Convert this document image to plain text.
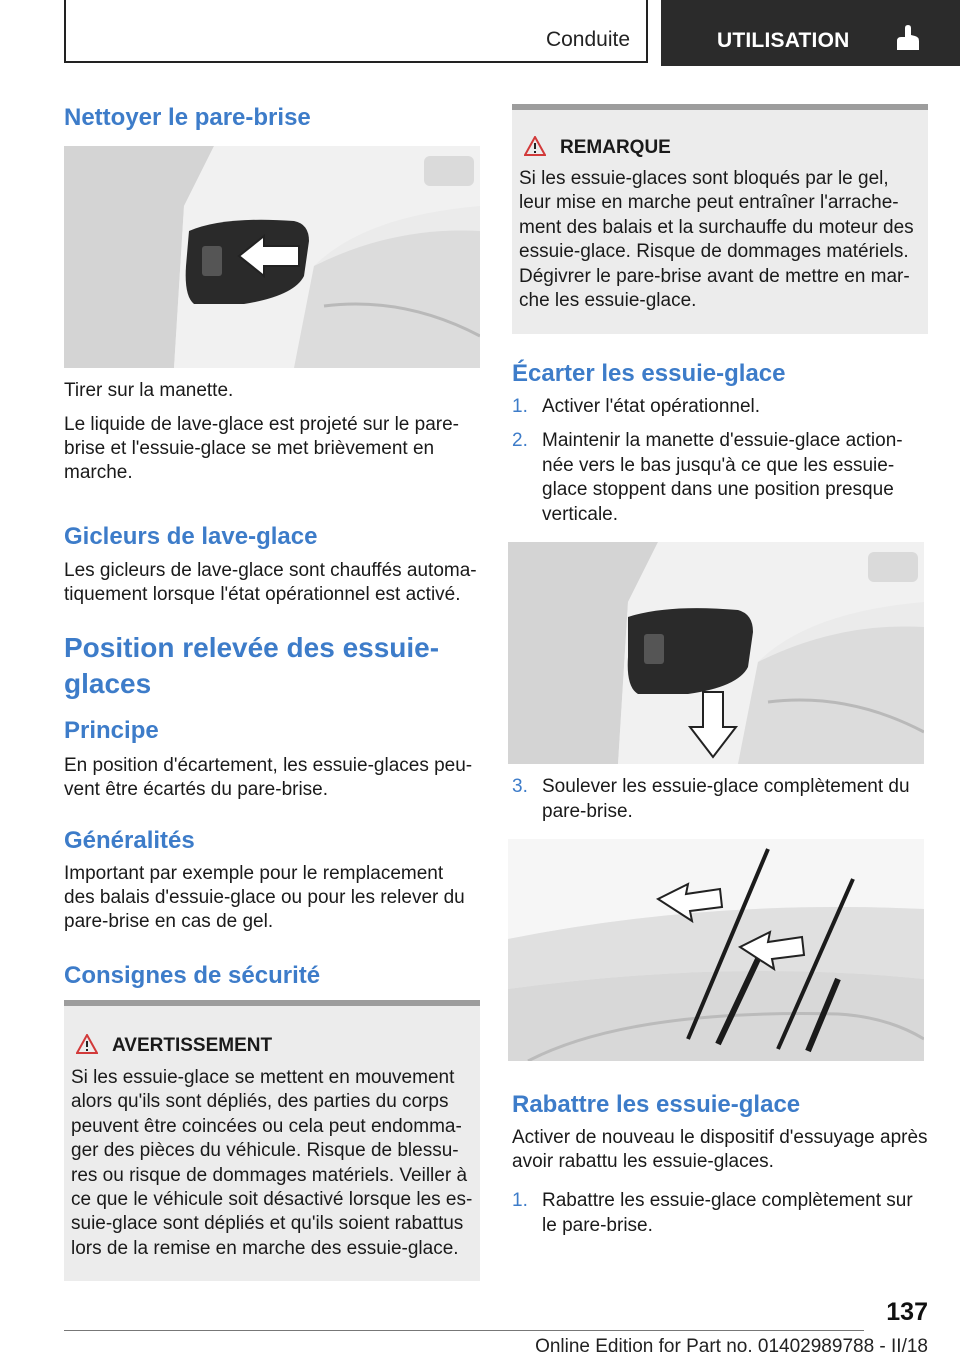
Conduite	UTILISATION
Nettoyer le pare-brise

Tirer sur la manette.

Le liquide de lave-glace est projeté sur le pare-
brise et l'essuie-glace se met brièvement en
marche.
Gicleurs de lave-glace
Les gicleurs de lave-glace sont chauffés automa-
tiquement lorsque l'état opérationnel est activé.
Position relevée des essuie-
glaces
Principe
En position d'écartement, les essuie-glaces peu-
vent être écartés du pare-brise.
Généralités
Important par exemple pour le remplacement
des balais d'essuie-glace ou pour les relever du
pare-brise en cas de gel.
Consignes de sécurité
AVERTISSEMENT
Si les essuie-glace se mettent en mouvement
alors qu'ils sont dépliés, des parties du corps
peuvent être coincées ou cela peut endomma-
ger des pièces du véhicule. Risque de blessu-
res ou risque de dommages matériels. Veiller à
ce que le véhicule soit désactivé lorsque les es-
suie-glace sont dépliés et qu'ils soient rabattus
lors de la remise en marche des essuie-glace.
REMARQUE
Si les essuie-glaces sont bloqués par le gel,
leur mise en marche peut entraîner l'arrache-
ment des balais et la surchauffe du moteur des
essuie-glace. Risque de dommages matériels.
Dégivrer le pare-brise avant de mettre en mar-
che les essuie-glace.
Écarter les essuie-glace
1. Activer l'état opérationnel.
2. Maintenir la manette d'essuie-glace action-
née vers le bas jusqu'à ce que les essuie-
glace stoppent dans une position presque
verticale.
3. Soulever les essuie-glace complètement du
pare-brise.
Rabattre les essuie-glace
Activer de nouveau le dispositif d'essuyage après
avoir rabattu les essuie-glaces.
1. Rabattre les essuie-glace complètement sur
le pare-brise.
137
Online Edition for Part no. 01402989788 - II/18
